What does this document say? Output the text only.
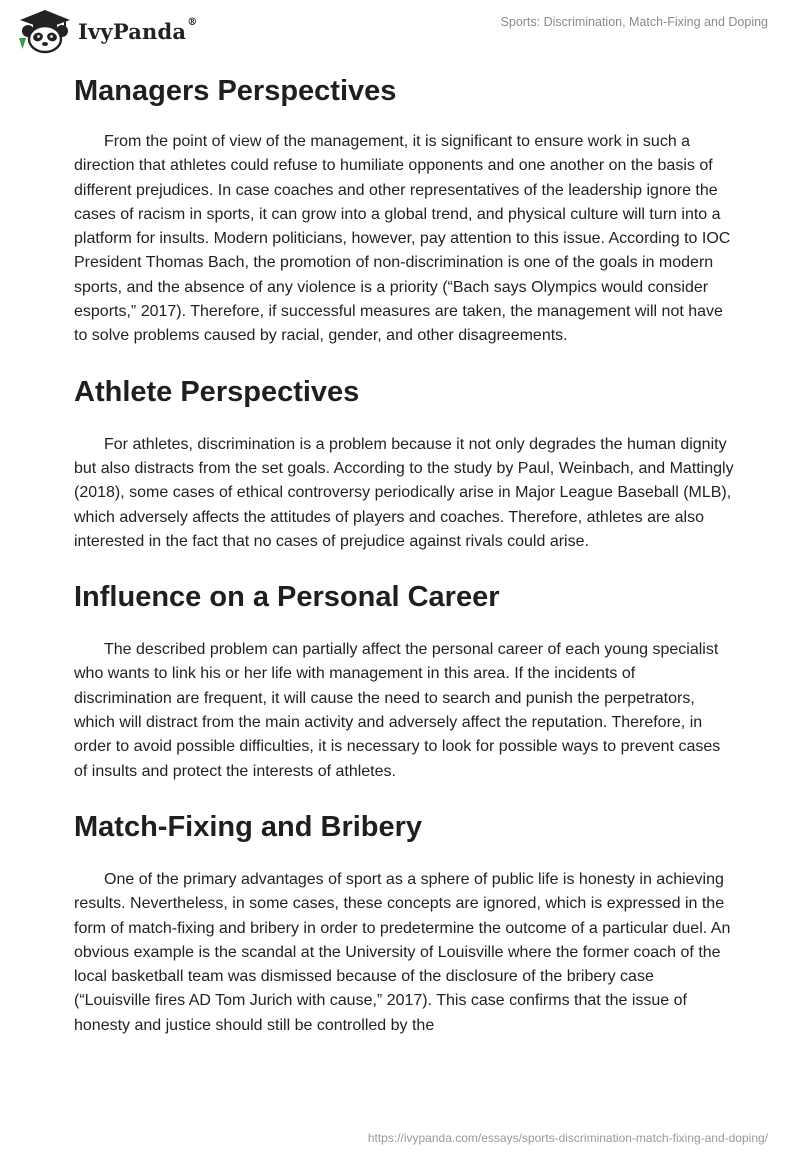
IvyPanda®	Sports: Discrimination, Match-Fixing and Doping
Managers Perspectives

From the point of view of the management, it is significant to ensure work in such a direction that athletes could refuse to humiliate opponents and one another on the basis of different prejudices. In case coaches and other representatives of the leadership ignore the cases of racism in sports, it can grow into a global trend, and physical culture will turn into a platform for insults. Modern politicians, however, pay attention to this issue. According to IOC President Thomas Bach, the promotion of non-discrimination is one of the goals in modern sports, and the absence of any violence is a priority (“Bach says Olympics would consider esports,” 2017). Therefore, if successful measures are taken, the management will not have to solve problems caused by racial, gender, and other disagreements.

Athlete Perspectives

For athletes, discrimination is a problem because it not only degrades the human dignity but also distracts from the set goals. According to the study by Paul, Weinbach, and Mattingly (2018), some cases of ethical controversy periodically arise in Major League Baseball (MLB), which adversely affects the attitudes of players and coaches. Therefore, athletes are also interested in the fact that no cases of prejudice against rivals could arise.

Influence on a Personal Career

The described problem can partially affect the personal career of each young specialist who wants to link his or her life with management in this area. If the incidents of discrimination are frequent, it will cause the need to search and punish the perpetrators, which will distract from the main activity and adversely affect the reputation. Therefore, in order to avoid possible difficulties, it is necessary to look for possible ways to prevent cases of insults and protect the interests of athletes.

Match-Fixing and Bribery

One of the primary advantages of sport as a sphere of public life is honesty in achieving results. Nevertheless, in some cases, these concepts are ignored, which is expressed in the form of match-fixing and bribery in order to predetermine the outcome of a particular duel. An obvious example is the scandal at the University of Louisville where the former coach of the local basketball team was dismissed because of the disclosure of the bribery case (“Louisville fires AD Tom Jurich with cause,” 2017). This case confirms that the issue of honesty and justice should still be controlled by the

https://ivypanda.com/essays/sports-discrimination-match-fixing-and-doping/
